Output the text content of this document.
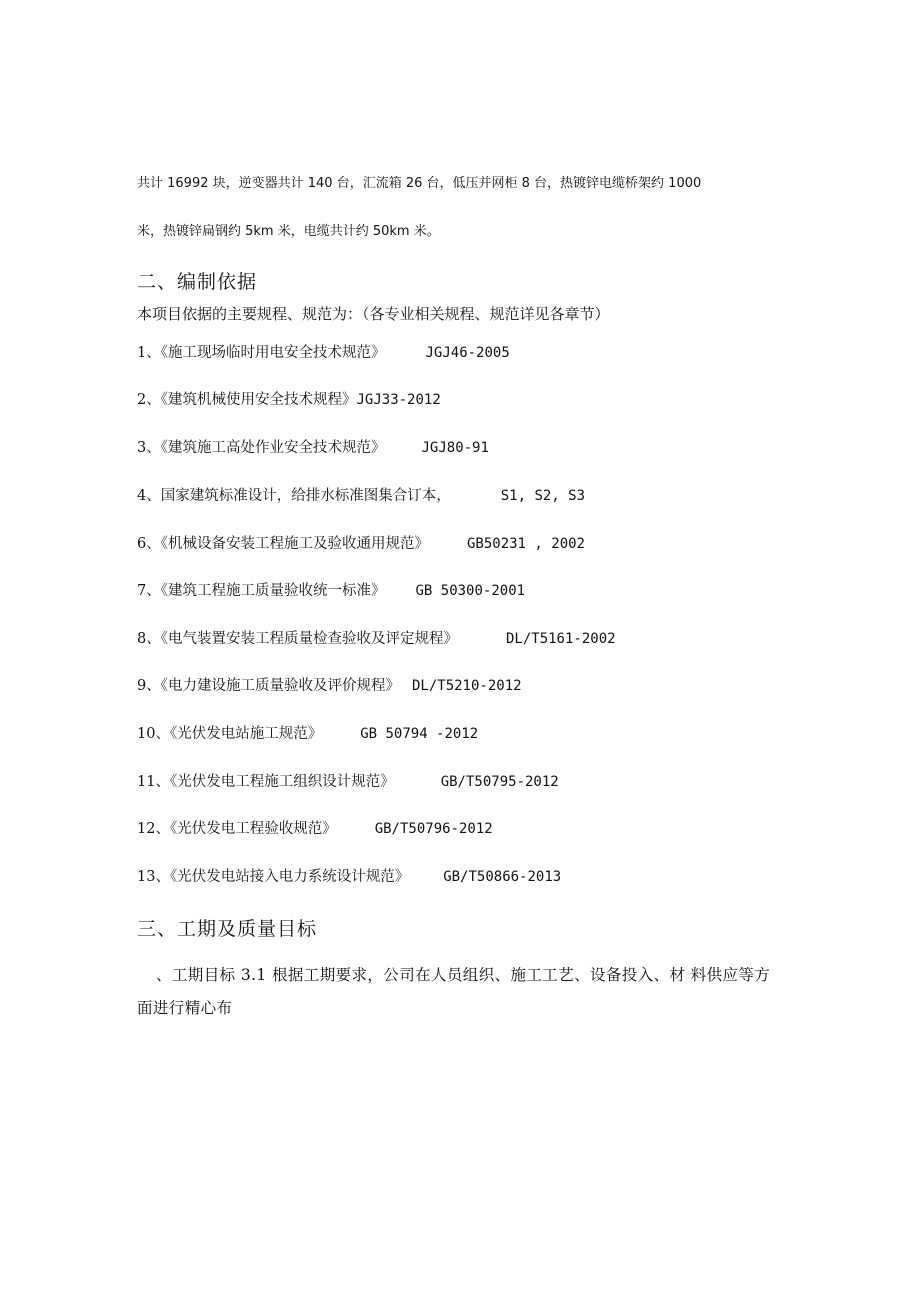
共计 16992 块，逆变器共计 140 台，汇流箱 26 台，低压并网柜 8 台，热镀锌电缆桥架约 1000
米，热镀锌扁钢约 5km 米，电缆共计约 50km 米。
二、编制依据
本项目依据的主要规程、规范为：（各专业相关规程、规范详见各章节）
1、《施工现场临时用电安全技术规范》	JGJ46-2005
2、《建筑机械使用安全技术规程》JGJ33-2012
3、《建筑施工高处作业安全技术规范》	JGJ80-91
4、国家建筑标准设计，给排水标准图集合订本，	S1, S2, S3
6、《机械设备安装工程施工及验收通用规范》	GB50231 , 2002
7、《建筑工程施工质量验收统一标准》 GB 50300-2001
8、《电气装置安装工程质量检查验收及评定规程》	DL/T5161-2002
9、《电力建设施工质量验收及评价规程》 DL/T5210-2012
10、《光伏发电站施工规范》	GB 50794 -2012
11、《光伏发电工程施工组织设计规范》	GB/T50795-2012
12、《光伏发电工程验收规范》	GB/T50796-2012
13、《光伏发电站接入电力系统设计规范》 GB/T50866-2013
三、工期及质量目标
、工期目标 3.1 根据工期要求，公司在人员组织、施工工艺、设备投入、材 料供应等方
面进行精心布
